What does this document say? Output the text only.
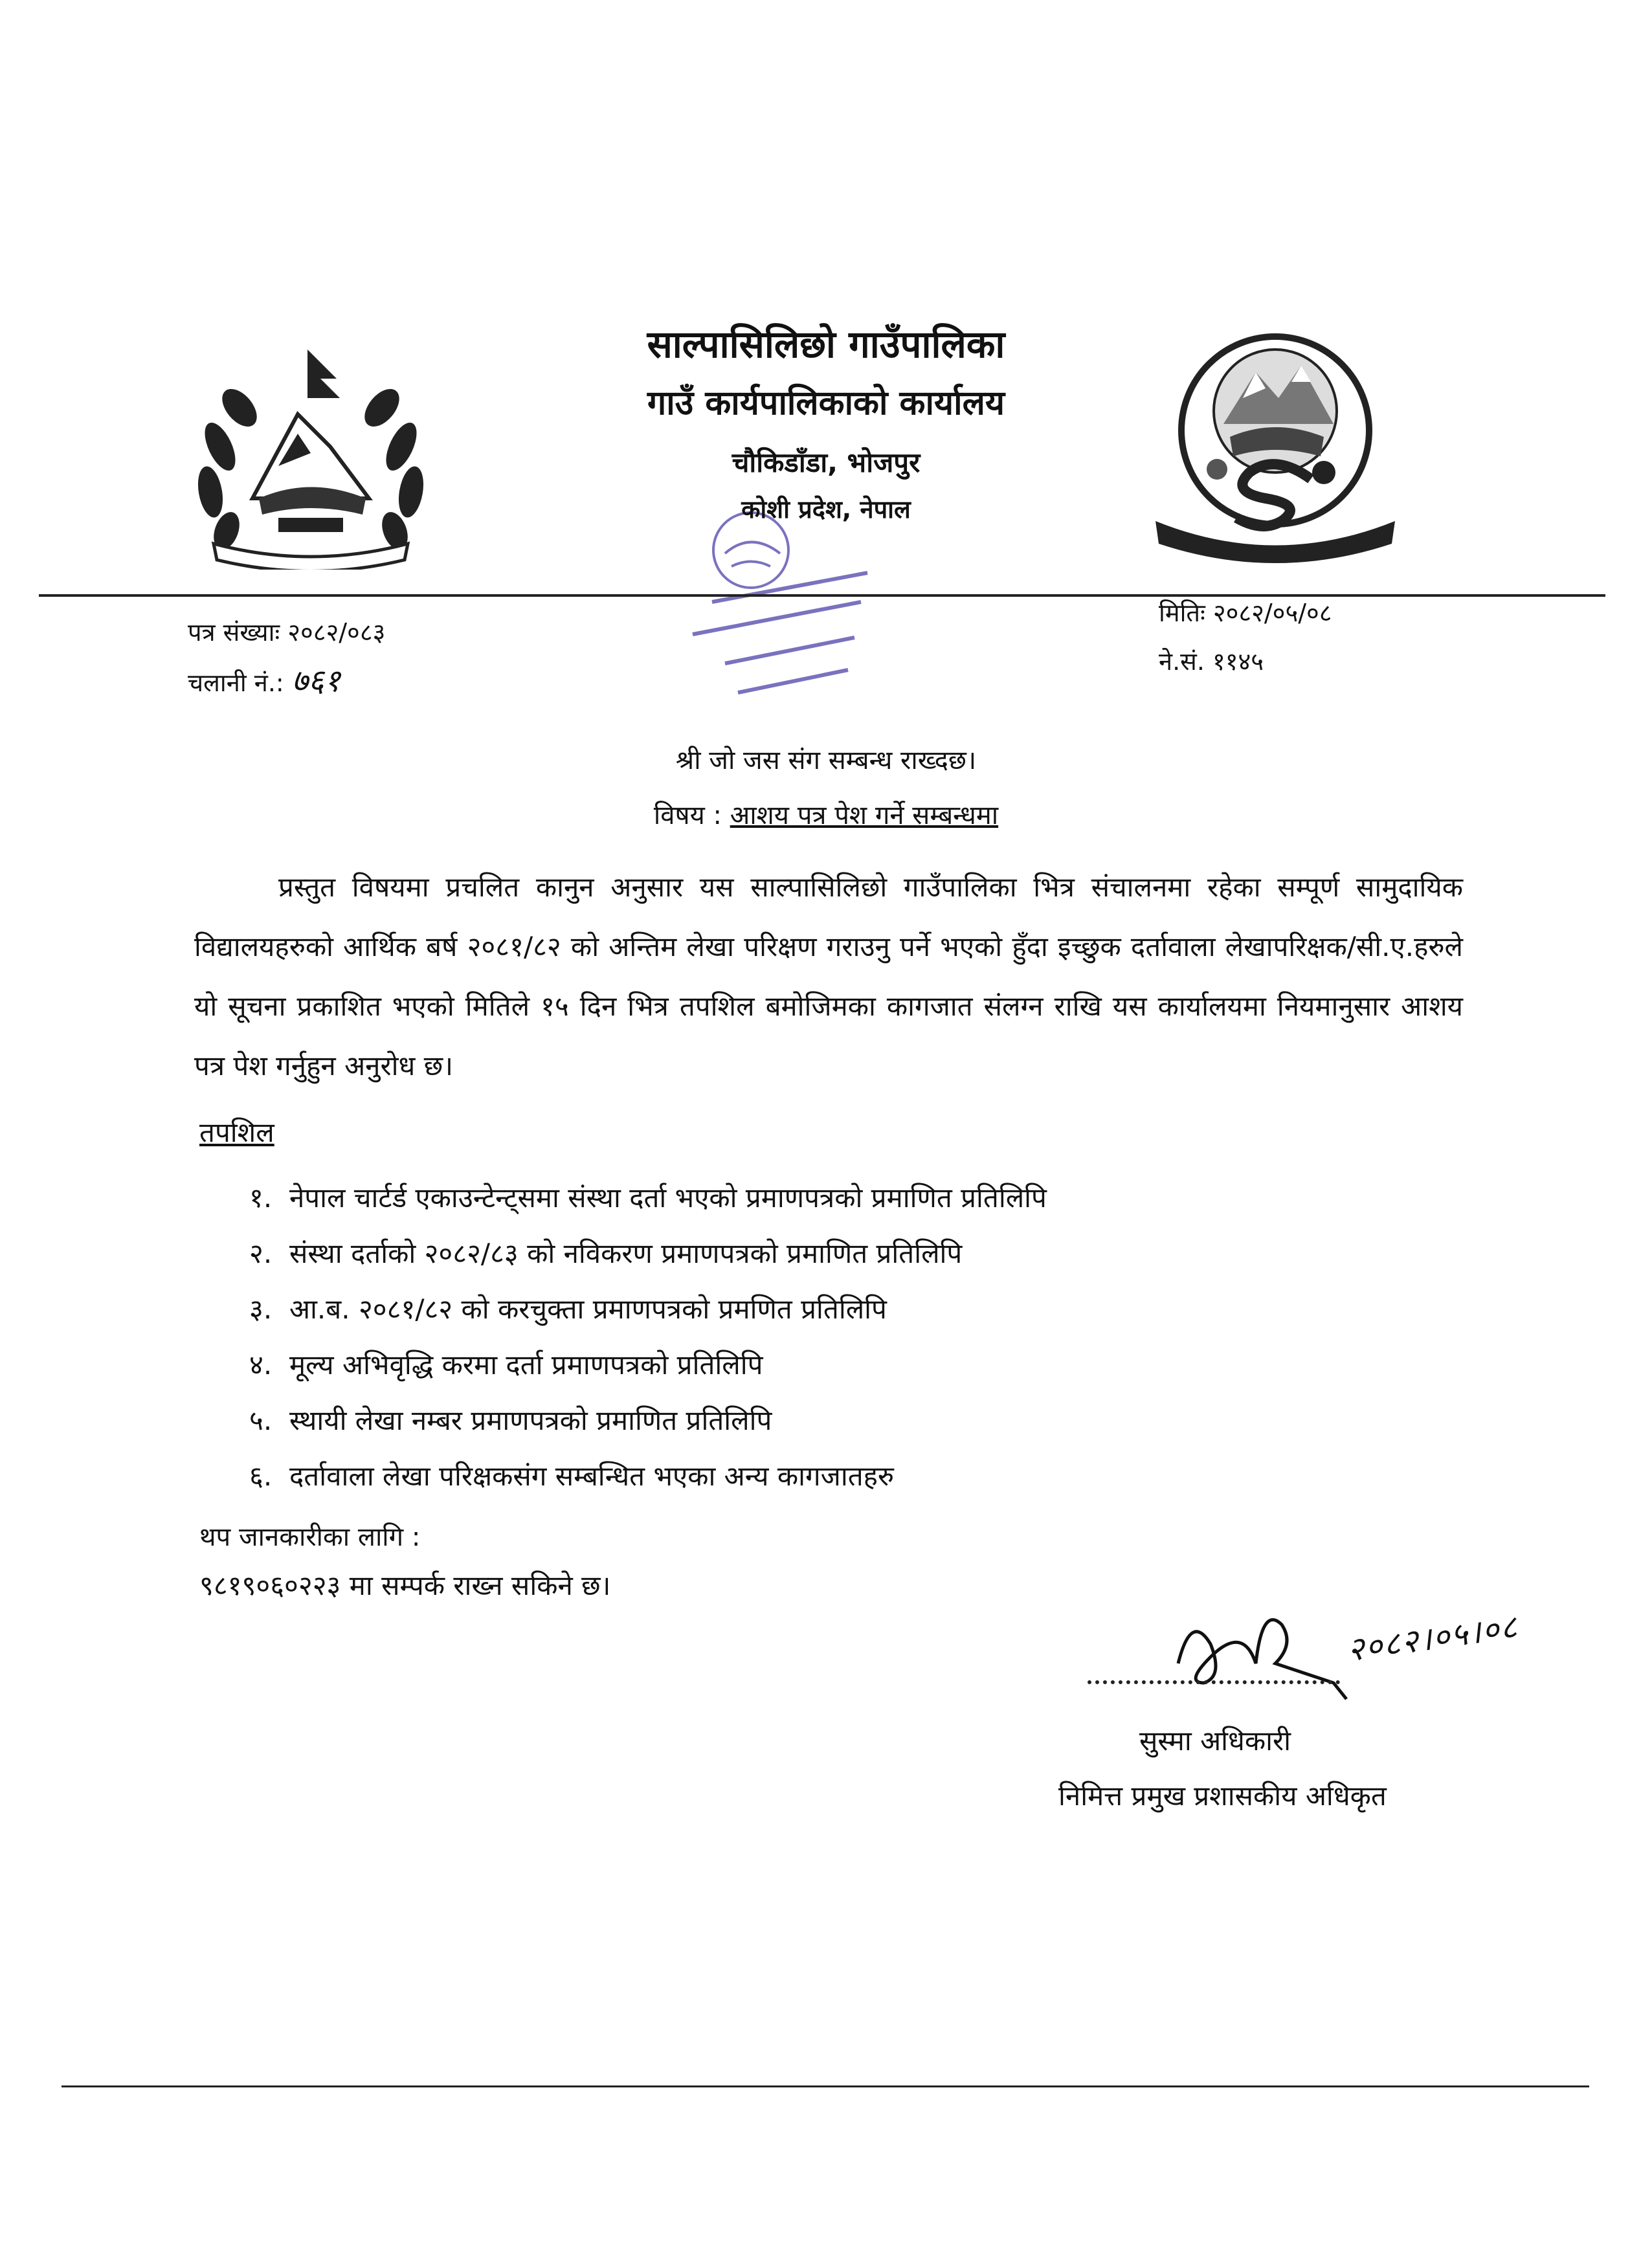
साल्पासिलिछो गाउँपालिका
गाउँ कार्यपालिकाको कार्यालय
चौकिडाँडा, भोजपुर
कोशी प्रदेश, नेपाल
पत्र संख्याः २०८२/०८३
चलानी नं.: ७६१
मितिः २०८२/०५/०८
ने.सं. ११४५
श्री जो जस संग सम्बन्ध राख्दछ।
विषय : आशय पत्र पेश गर्ने सम्बन्धमा
प्रस्तुत विषयमा प्रचलित कानुन अनुसार यस साल्पासिलिछो गाउँपालिका भित्र संचालनमा रहेका सम्पूर्ण सामुदायिक विद्यालयहरुको आर्थिक बर्ष २०८१/८२ को अन्तिम लेखा परिक्षण गराउनु पर्ने भएको हुँदा इच्छुक दर्तावाला लेखापरिक्षक/सी.ए.हरुले यो सूचना प्रकाशित भएको मितिले १५ दिन भित्र तपशिल बमोजिमका कागजात संलग्न राखि यस कार्यालयमा नियमानुसार आशय पत्र पेश गर्नुहुन अनुरोध छ।
तपशिल
१. नेपाल चार्टर्ड एकाउन्टेन्ट्समा संस्था दर्ता भएको प्रमाणपत्रको प्रमाणित प्रतिलिपि
२. संस्था दर्ताको २०८२/८३ को नविकरण प्रमाणपत्रको प्रमाणित प्रतिलिपि
३. आ.ब. २०८१/८२ को करचुक्ता प्रमाणपत्रको प्रमणित प्रतिलिपि
४. मूल्य अभिवृद्धि करमा दर्ता प्रमाणपत्रको प्रतिलिपि
५. स्थायी लेखा नम्बर प्रमाणपत्रको प्रमाणित प्रतिलिपि
६. दर्तावाला लेखा परिक्षकसंग सम्बन्धित भएका अन्य कागजातहरु
थप जानकारीका लागि :
९८१९०६०२२३ मा सम्पर्क राख्न सकिने छ।
२०८२।०५।०८
सुस्मा अधिकारी
निमित्त प्रमुख प्रशासकीय अधिकृत
